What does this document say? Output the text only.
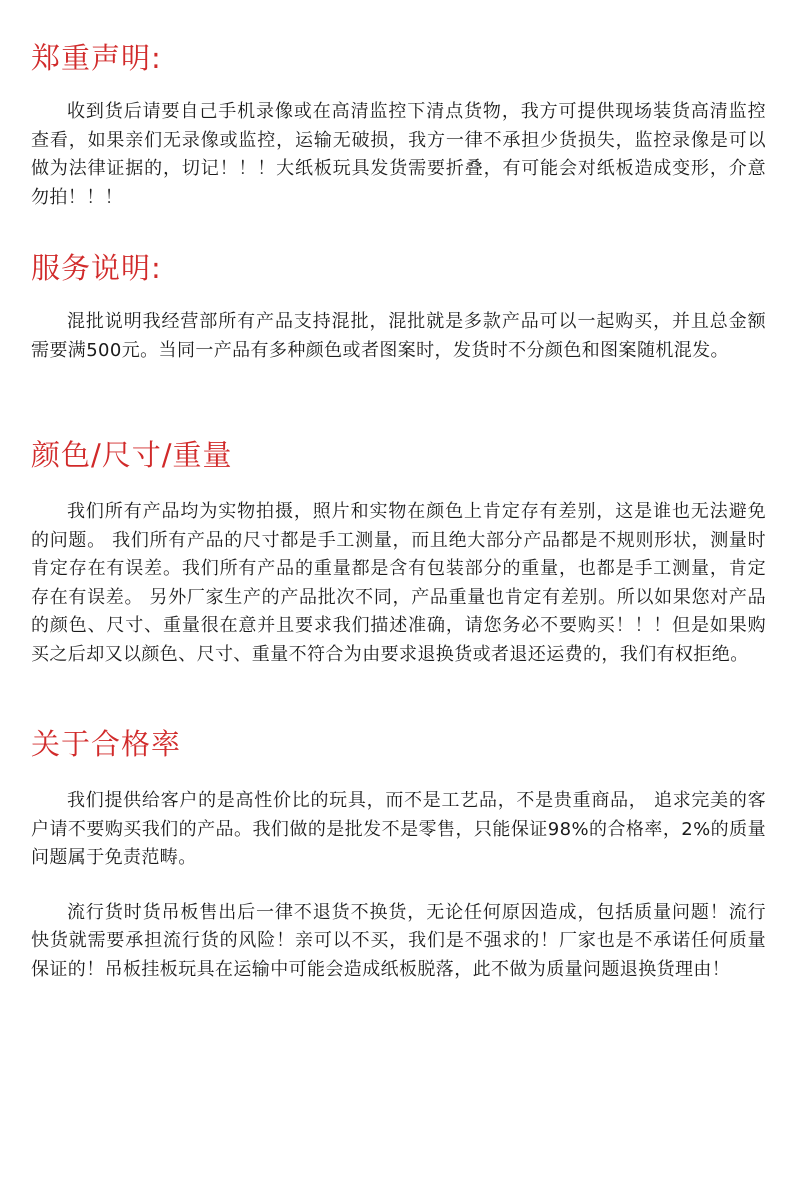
郑重声明:

收到货后请要自己手机录像或在高清监控下清点货物，我方可提供现场装货高清监控查看，如果亲们无录像或监控，运输无破损，我方一律不承担少货损失，监控录像是可以做为法律证据的，切记！！！大纸板玩具发货需要折叠，有可能会对纸板造成变形，介意勿拍！！！

服务说明:

混批说明我经营部所有产品支持混批，混批就是多款产品可以一起购买，并且总金额需要满500元。当同一产品有多种颜色或者图案时，发货时不分颜色和图案随机混发。

颜色/尺寸/重量

我们所有产品均为实物拍摄，照片和实物在颜色上肯定存有差别，这是谁也无法避免的问题。 我们所有产品的尺寸都是手工测量，而且绝大部分产品都是不规则形状，测量时肯定存在有误差。我们所有产品的重量都是含有包装部分的重量，也都是手工测量，肯定存在有误差。 另外厂家生产的产品批次不同，产品重量也肯定有差别。所以如果您对产品的颜色、尺寸、重量很在意并且要求我们描述准确，请您务必不要购买！！！但是如果购买之后却又以颜色、尺寸、重量不符合为由要求退换货或者退还运费的，我们有权拒绝。

关于合格率

我们提供给客户的是高性价比的玩具，而不是工艺品，不是贵重商品， 追求完美的客户请不要购买我们的产品。我们做的是批发不是零售，只能保证98%的合格率，2%的质量问题属于免责范畴。

流行货时货吊板售出后一律不退货不换货，无论任何原因造成，包括质量问题！流行快货就需要承担流行货的风险！亲可以不买，我们是不强求的！厂家也是不承诺任何质量保证的！吊板挂板玩具在运输中可能会造成纸板脱落，此不做为质量问题退换货理由！
